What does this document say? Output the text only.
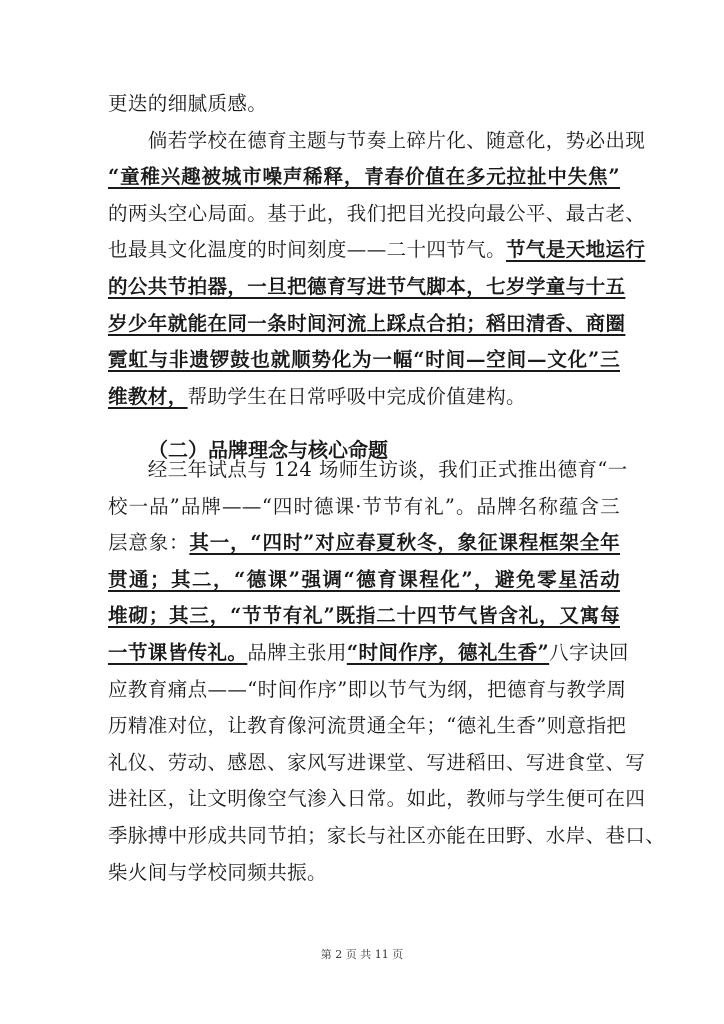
更迭的细腻质感。
　　倘若学校在德育主题与节奏上碎片化、随意化，势必出现
“童稚兴趣被城市噪声稀释，青春价值在多元拉扯中失焦”
的两头空心局面。基于此，我们把目光投向最公平、最古老、
也最具文化温度的时间刻度——二十四节气。节气是天地运行
的公共节拍器，一旦把德育写进节气脚本，七岁学童与十五
岁少年就能在同一条时间河流上踩点合拍；稻田清香、商圈
霓虹与非遗锣鼓也就顺势化为一幅“时间—空间—文化”三
维教材，帮助学生在日常呼吸中完成价值建构。
　　经三年试点与 124 场师生访谈，我们正式推出德育“一
校一品”品牌——“四时德课·节节有礼”。品牌名称蕴含三
层意象：其一，“四时”对应春夏秋冬，象征课程框架全年
贯通；其二，“德课”强调“德育课程化”，避免零星活动
堆砌；其三，“节节有礼”既指二十四节气皆含礼，又寓每
一节课皆传礼。品牌主张用“时间作序，德礼生香”八字诀回
应教育痛点——“时间作序”即以节气为纲，把德育与教学周
历精准对位，让教育像河流贯通全年；“德礼生香”则意指把
礼仪、劳动、感恩、家风写进课堂、写进稻田、写进食堂、写
进社区，让文明像空气渗入日常。如此，教师与学生便可在四
季脉搏中形成共同节拍；家长与社区亦能在田野、水岸、巷口、
柴火间与学校同频共振。
（二）品牌理念与核心命题
第 2 页 共 11 页
